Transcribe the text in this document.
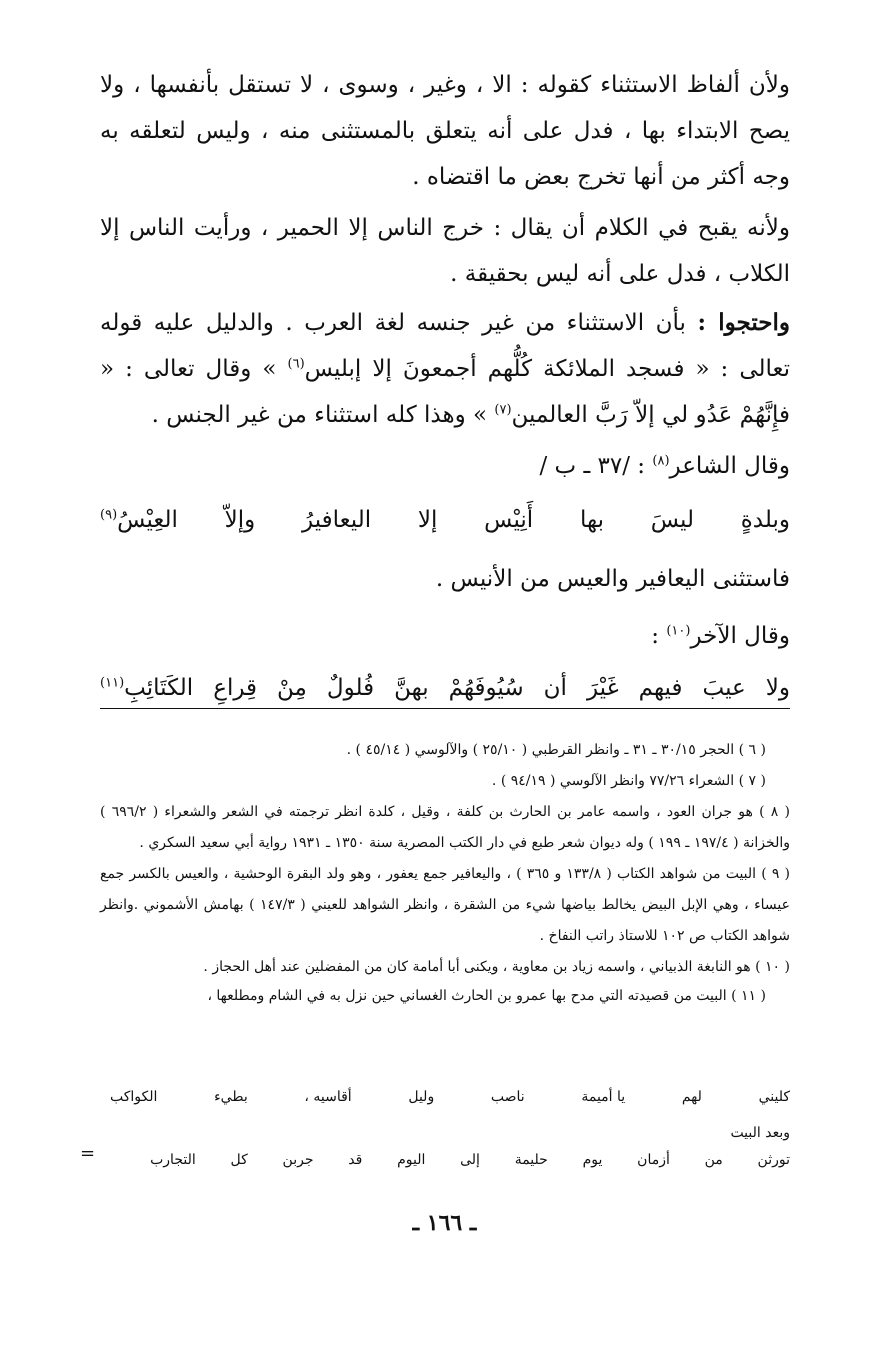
ولأن ألفاظ الاستثناء كقوله : الا ، وغير ، وسوى ، لا تستقل بأنفسها ، ولا يصح الابتداء بها ، فدل على أنه يتعلق بالمستثنى منه ، وليس لتعلقه به وجه أكثر من أنها تخرج بعض ما اقتضاه .

ولأنه يقبح في الكلام أن يقال : خرج الناس إلا الحمير ، ورأيت الناس إلا الكلاب ، فدل على أنه ليس بحقيقة .

واحتجوا : بأن الاستثناء من غير جنسه لغة العرب . والدليل عليه قوله تعالى : « فسجد الملائكة كُلُّهم أجمعونَ إلا إبليس$^{(٦)}$ » وقال تعالى : « فإِنَّهُمْ عَدُو لي إلاّ رَبَّ العالمين$^{(٧)}$ » وهذا كله استثناء من غير الجنس .

وقال الشاعر$^{(٨)}$ : /٣٧ ـ ب /
وبلدةٍ
ليسَ
بها
أَنِيْس
إلا
اليعافيرُ
وإلاّ
العِيْسُ$^{(٩)}$
فاستثنى اليعافير والعيس من الأنيس .
وقال الآخر$^{(١٠)}$ :
ولا
عيبَ
فيهم
غَيْرَ
أن
سُيُوفَهُمْ
بهنَّ
فُلولٌ
مِنْ
قِراعِ
الكَتَائِبِ$^{(١١)}$

( ٦ ) الحجر ٣٠/١٥ ـ ٣١ ـ وانظر القرطبي ( ٢٥/١٠ ) والآلوسي ( ٤٥/١٤ ) .

( ٧ ) الشعراء ٧٧/٢٦ وانظر الآلوسي ( ٩٤/١٩ ) .

( ٨ ) هو جران العود ، واسمه عامر بن الحارث بن كلفة ، وقيل ، كلدة انظر ترجمته في الشعر والشعراء ( ٦٩٦/٢ ) والخزانة ( ١٩٧/٤ ـ ١٩٩ ) وله ديوان شعر طبع في دار الكتب المصرية سنة ١٣٥٠ ـ ١٩٣١ رواية أبي سعيد السكري .

( ٩ ) البيت من شواهد الكتاب ( ١٣٣/٨ و ٣٦٥ ) ، واليعافير جمع يعفور ، وهو ولد البقرة الوحشية ، والعيس بالكسر جمع عيساء ، وهي الإبل البيض يخالط بياضها شيء من الشقرة ، وانظر الشواهد للعيني ( ١٤٧/٣ ) بهامش الأشموني .وانظر شواهد الكتاب ص ١٠٢ للاستاذ راتب النفاخ .

( ١٠ ) هو النابغة الذبياني ، واسمه زياد بن معاوية ، ويكنى أبا أمامة كان من المفضلين عند أهل الحجاز .

( ١١ ) البيت من قصيدته التي مدح بها عمرو بن الحارث الغساني حين نزل به في الشام ومطلعها ،

كليني
لهم
يا أميمة
ناصب
وليل
أقاسيه ،
بطيء
الكواكب
وبعد البيت
تورثن
من
أزمان
يوم
حليمة
إلى
اليوم
قد
جربن
كل
التجارب
=
ـ ١٦٦ ـ
